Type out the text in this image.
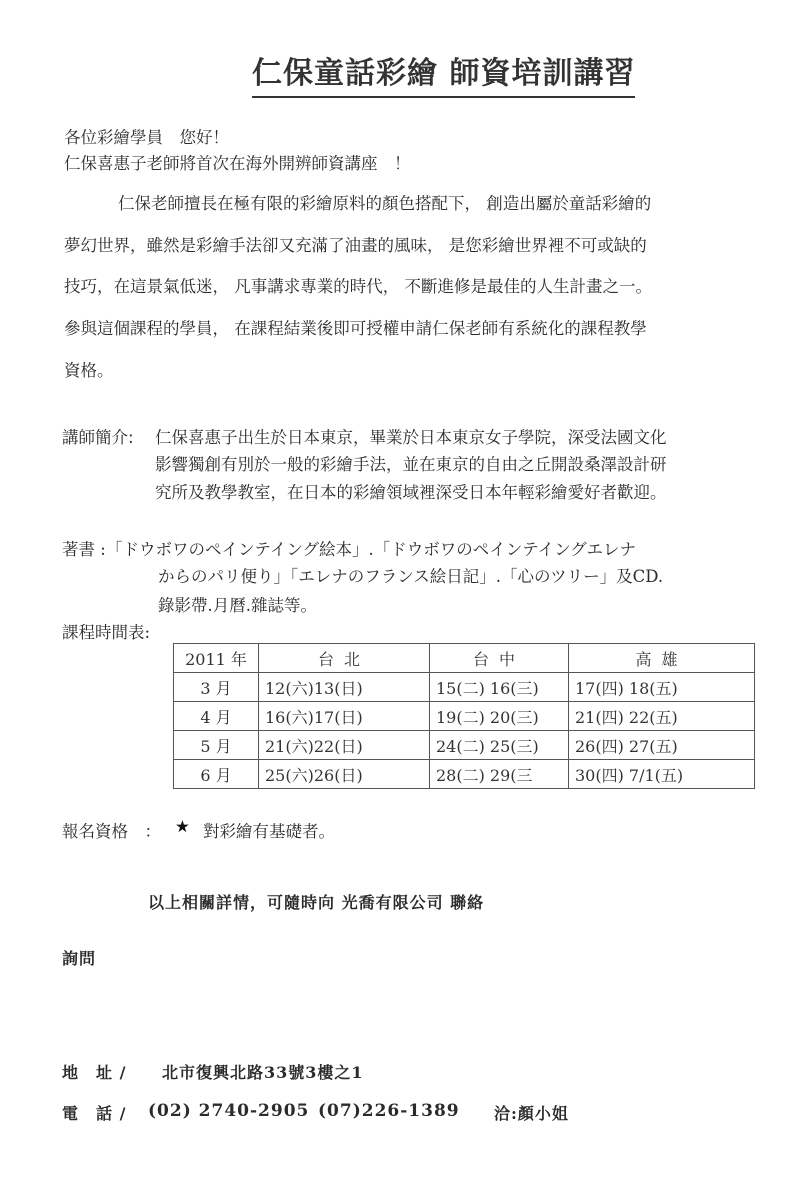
仁保童話彩繪 師資培訓講習
各位彩繪學員　您好！
仁保喜惠子老師將首次在海外開辨師資講座　！
仁保老師擅長在極有限的彩繪原料的顏色搭配下， 創造出屬於童話彩繪的
夢幻世界，雖然是彩繪手法卻又充滿了油畫的風味， 是您彩繪世界裡不可或缺的
技巧，在這景氣低迷， 凡事講求專業的時代， 不斷進修是最佳的人生計畫之一。
參與這個課程的學員， 在課程結業後即可授權申請仁保老師有系統化的課程教學
資格。
講師簡介: 仁保喜惠子出生於日本東京，畢業於日本東京女子學院，深受法國文化
影響獨創有別於一般的彩繪手法，並在東京的自由之丘開設桑澤設計研
究所及教學教室，在日本的彩繪領域裡深受日本年輕彩繪愛好者歡迎。
著書 : 「ドウボワのペインテイング絵本」.「ドウボワのペインテイングエレナ
からのパリ便り」「エレナのフランス絵日記」.「心のツリー」及CD.
錄影帶.月曆.雜誌等。
課程時間表:
2011 年	台北	台中	高雄
3 月	12(六)13(日)	15(二) 16(三)	17(四) 18(五)
4 月	16(六)17(日)	19(二) 20(三)	21(四) 22(五)
5 月	21(六)22(日)	24(二) 25(三)	26(四) 27(五)
6 月	25(六)26(日)	28(二) 29(三	30(四) 7/1(五)
報名資格　： ★ 對彩繪有基礎者。
以上相關詳情，可隨時向 光喬有限公司 聯絡
詢問
地　址 / 北市復興北路33號3樓之1
電　話 / (02) 2740-2905 (07)226-1389 洽:顏小姐
